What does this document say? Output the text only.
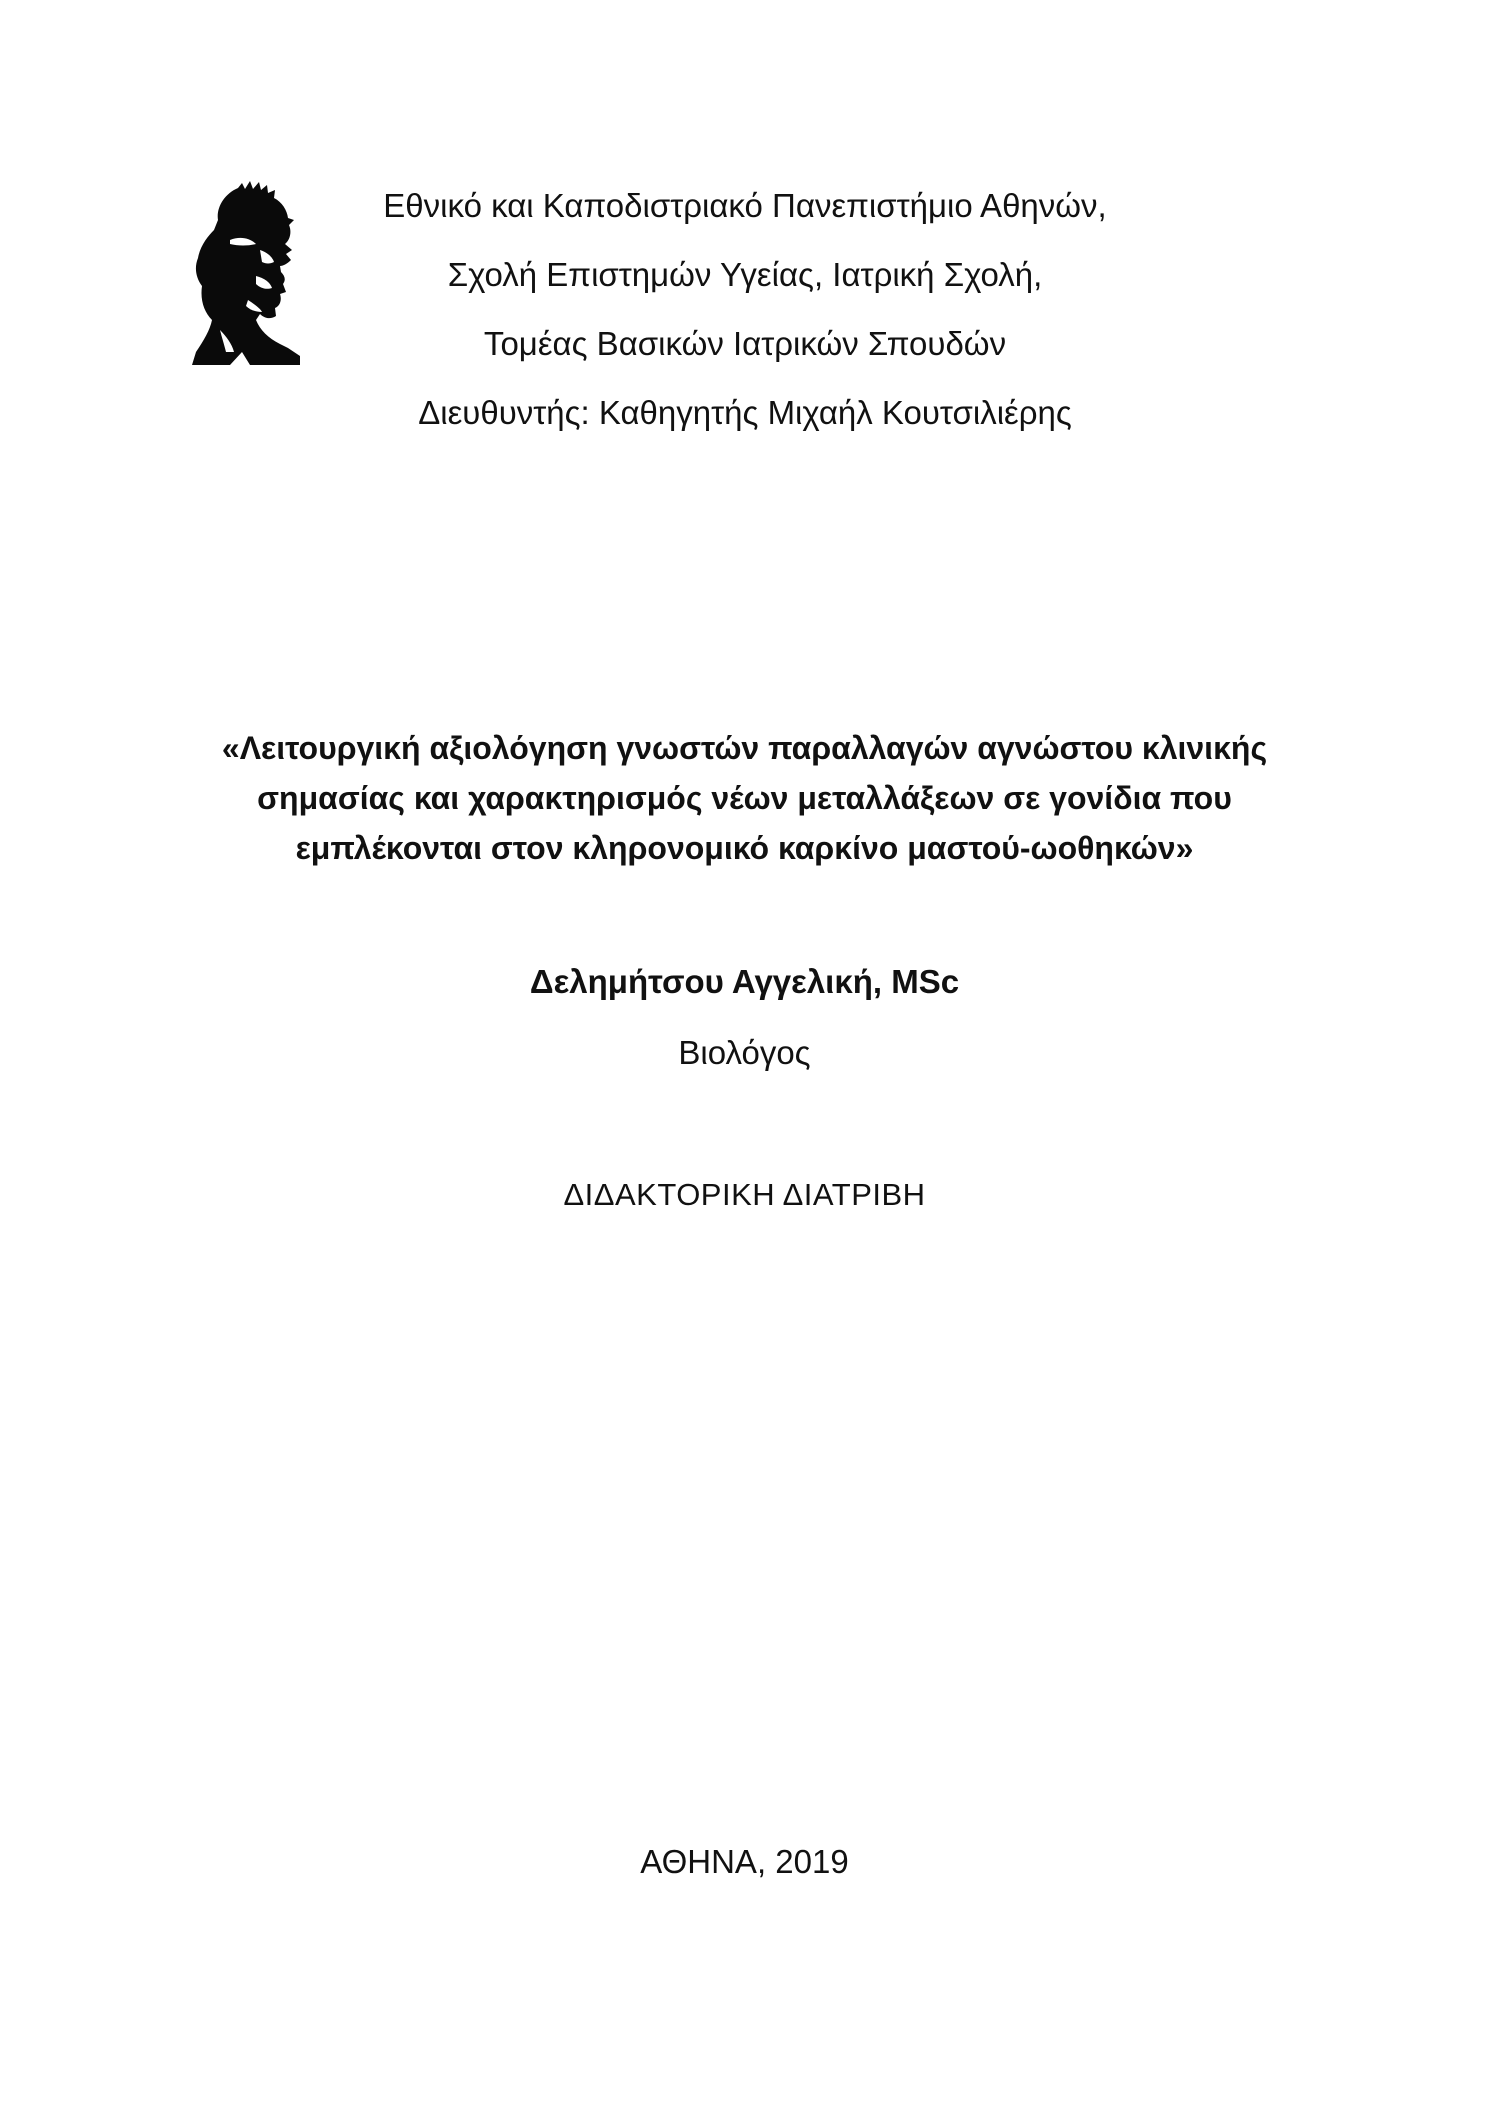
Εθνικό και Καποδιστριακό Πανεπιστήμιο Αθηνών,
Σχολή Επιστημών Υγείας, Ιατρική Σχολή,
Τομέας Βασικών Ιατρικών Σπουδών
Διευθυντής: Καθηγητής Μιχαήλ Κουτσιλιέρης
«Λειτουργική αξιολόγηση γνωστών παραλλαγών αγνώστου κλινικής
σημασίας και χαρακτηρισμός νέων μεταλλάξεων σε γονίδια που
εμπλέκονται στον κληρονομικό καρκίνο μαστού-ωοθηκών»
Δελημήτσου Αγγελική, MSc
Βιολόγος
ΔΙΔΑΚΤΟΡΙΚΗ ΔΙΑΤΡΙΒΗ
ΑΘΗΝΑ, 2019
